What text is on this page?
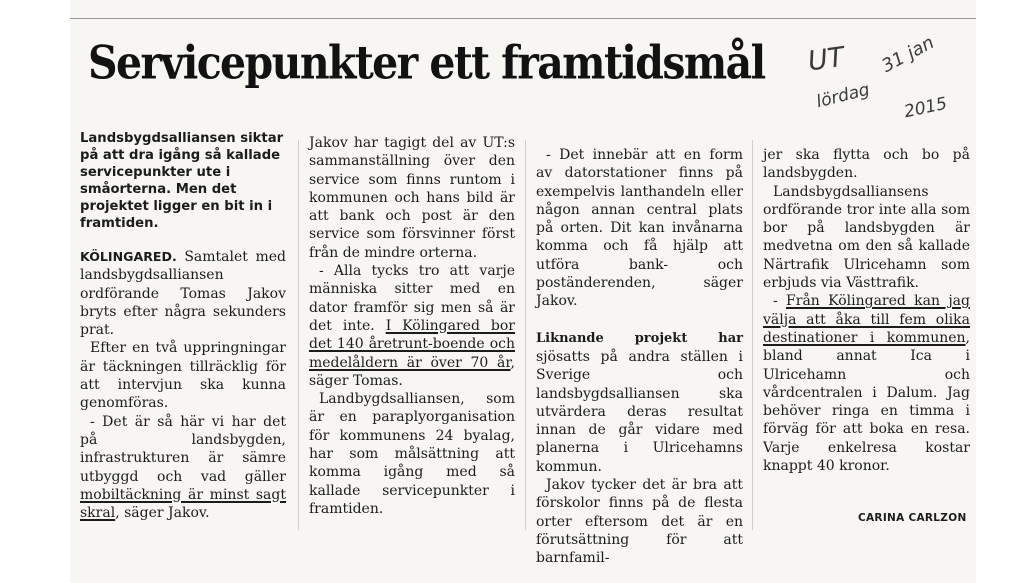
Servicepunkter ett framtidsmål UT
lördag
31 jan
2015

Landsbygdsalliansen siktar på att dra igång så kallade servicepunkter ute i småorterna. Men det projektet ligger en bit in i framtiden.

KÖLINGARED. Samtalet med landsbygdsalliansen ordförande Tomas Jakov bryts efter några sekunders prat.

Efter en två uppringningar är täckningen tillräcklig för att intervjun ska kunna genomföras.

- Det är så här vi har det på landsbygden, infrastrukturen är sämre utbyggd och vad gäller mobiltäckning är minst sagt skral, säger Jakov.

Jakov har tagigt del av UT:s sammanställning över den service som finns runtom i kommunen och hans bild är att bank och post är den service som försvinner först från de mindre orterna.

- Alla tycks tro att varje människa sitter med en dator framför sig men så är det inte. I Kölingared bor det 140 åretrunt-boende och medelåldern är över 70 år, säger Tomas.

Landbygdsalliansen, som är en paraplyorganisation för kommunens 24 byalag, har som målsättning att komma igång med så kallade servicepunkter i framtiden.

- Det innebär att en form av datorstationer finns på exempelvis lanthandeln eller någon annan central plats på orten. Dit kan invånarna komma och få hjälp att utföra bank- och poständerenden, säger Jakov.

Liknande projekt har sjösatts på andra ställen i Sverige och landsbygdsalliansen ska utvärdera deras resultat innan de går vidare med planerna i Ulricehamns kommun.

Jakov tycker det är bra att förskolor finns på de flesta orter eftersom det är en förutsättning för att barnfamil-

jer ska flytta och bo på landsbygden.

Landsbygdsalliansens ordförande tror inte alla som bor på landsbygden är medvetna om den så kallade Närtrafik Ulricehamn som erbjuds via Västtrafik.

- Från Kölingared kan jag välja att åka till fem olika destinationer i kommunen, bland annat Ica i Ulricehamn och vårdcentralen i Dalum. Jag behöver ringa en timma i förväg för att boka en resa. Varje enkelresa kostar knappt 40 kronor.

CARINA CARLZON
